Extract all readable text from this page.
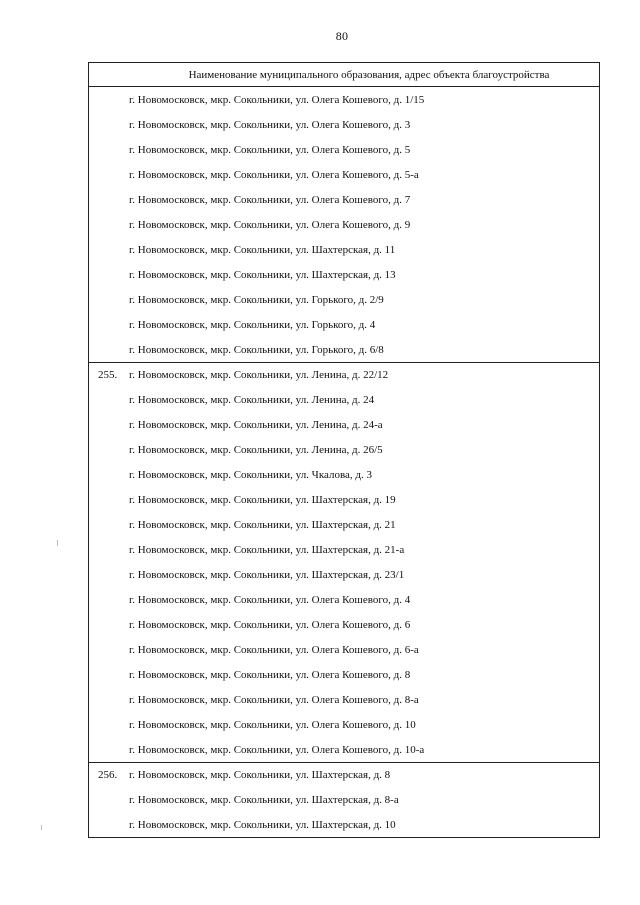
80
Наименование муниципального образования, адрес объекта благоустройства
г. Новомосковск, мкр. Сокольники, ул. Олега Кошевого, д. 1/15
г. Новомосковск, мкр. Сокольники, ул. Олега Кошевого, д. 3
г. Новомосковск, мкр. Сокольники, ул. Олега Кошевого, д. 5
г. Новомосковск, мкр. Сокольники, ул. Олега Кошевого, д. 5-а
г. Новомосковск, мкр. Сокольники, ул. Олега Кошевого, д. 7
г. Новомосковск, мкр. Сокольники, ул. Олега Кошевого, д. 9
г. Новомосковск, мкр. Сокольники, ул. Шахтерская, д. 11
г. Новомосковск, мкр. Сокольники, ул. Шахтерская, д. 13
г. Новомосковск, мкр. Сокольники, ул. Горького, д. 2/9
г. Новомосковск, мкр. Сокольники, ул. Горького, д. 4
г. Новомосковск, мкр. Сокольники, ул. Горького, д. 6/8
255.	г. Новомосковск, мкр. Сокольники, ул. Ленина, д. 22/12
г. Новомосковск, мкр. Сокольники, ул. Ленина, д. 24
г. Новомосковск, мкр. Сокольники, ул. Ленина, д. 24-а
г. Новомосковск, мкр. Сокольники, ул. Ленина, д. 26/5
г. Новомосковск, мкр. Сокольники, ул. Чкалова, д. 3
г. Новомосковск, мкр. Сокольники, ул. Шахтерская, д. 19
г. Новомосковск, мкр. Сокольники, ул. Шахтерская, д. 21
г. Новомосковск, мкр. Сокольники, ул. Шахтерская, д. 21-а
г. Новомосковск, мкр. Сокольники, ул. Шахтерская, д. 23/1
г. Новомосковск, мкр. Сокольники, ул. Олега Кошевого, д. 4
г. Новомосковск, мкр. Сокольники, ул. Олега Кошевого, д. 6
г. Новомосковск, мкр. Сокольники, ул. Олега Кошевого, д. 6-а
г. Новомосковск, мкр. Сокольники, ул. Олега Кошевого, д. 8
г. Новомосковск, мкр. Сокольники, ул. Олега Кошевого, д. 8-а
г. Новомосковск, мкр. Сокольники, ул. Олега Кошевого, д. 10
г. Новомосковск, мкр. Сокольники, ул. Олега Кошевого, д. 10-а
256.	г. Новомосковск, мкр. Сокольники, ул. Шахтерская, д. 8
г. Новомосковск, мкр. Сокольники, ул. Шахтерская, д. 8-а
г. Новомосковск, мкр. Сокольники, ул. Шахтерская, д. 10
